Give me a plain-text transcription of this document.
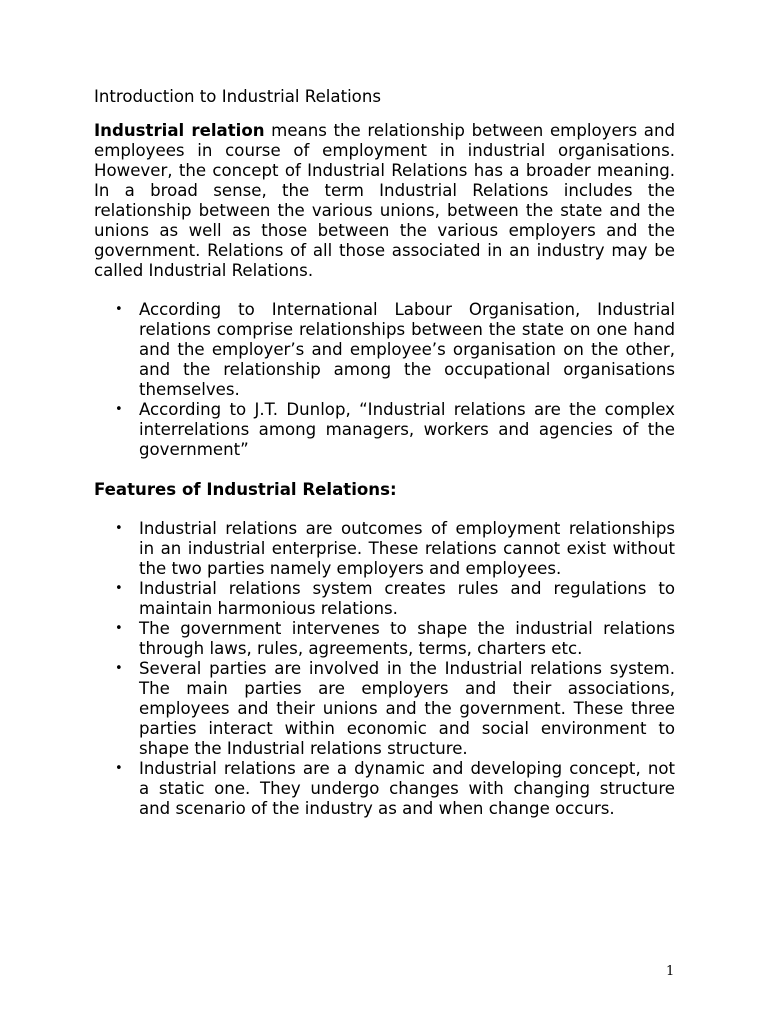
Introduction to Industrial Relations

Industrial relation means the relationship between employers and employees in course of employment in industrial organisations. However, the concept of Industrial Relations has a broader meaning. In a broad sense, the term Industrial Relations includes the relationship between the various unions, between the state and the unions as well as those between the various employers and the government. Relations of all those associated in an industry may be called Industrial Relations.

• According to International Labour Organisation, Industrial relations comprise relationships between the state on one hand and the employer’s and employee’s organisation on the other, and the relationship among the occupational organisations themselves.
• According to J.T. Dunlop, “Industrial relations are the complex interrelations among managers, workers and agencies of the government”
Features of Industrial Relations:
• Industrial relations are outcomes of employment relationships in an industrial enterprise. These relations cannot exist without the two parties namely employers and employees.
• Industrial relations system creates rules and regulations to maintain harmonious relations.
• The government intervenes to shape the industrial relations through laws, rules, agreements, terms, charters etc.
• Several parties are involved in the Industrial relations system. The main parties are employers and their associations, employees and their unions and the government. These three parties interact within economic and social environment to shape the Industrial relations structure.
• Industrial relations are a dynamic and developing concept, not a static one. They undergo changes with changing structure and scenario of the industry as and when change occurs.
1
